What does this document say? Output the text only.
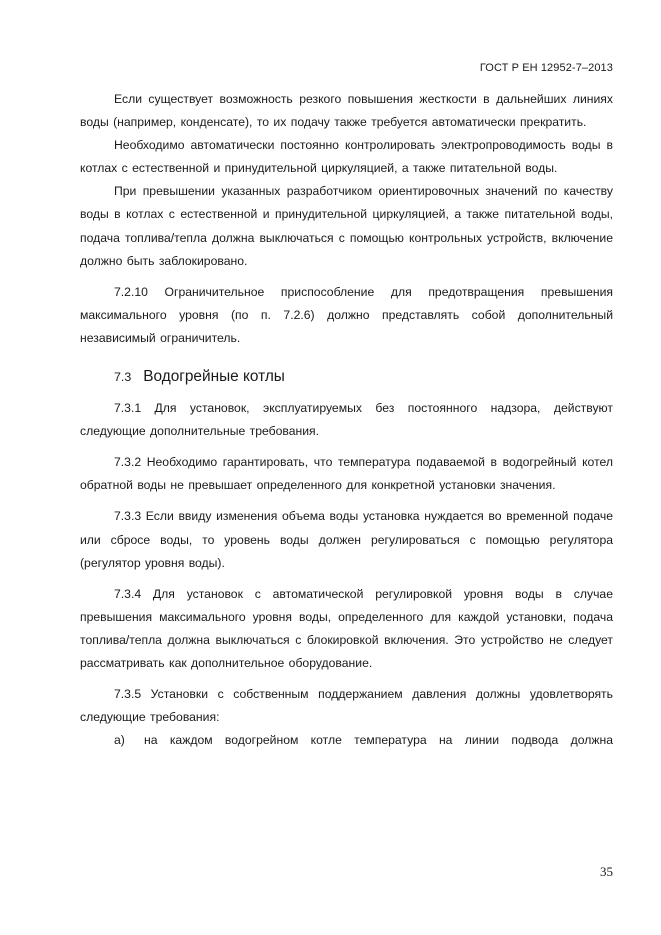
ГОСТ Р ЕН 12952-7–2013

Если существует возможность резкого повышения жесткости в дальнейших линиях воды (например, конденсате), то их подачу также требуется автоматически прекратить.

Необходимо автоматически постоянно контролировать электропроводимость воды в котлах с естественной и принудительной циркуляцией, а также питательной воды.

При превышении указанных разработчиком ориентировочных значений по качеству воды в котлах с естественной и принудительной циркуляцией, а также питательной воды, подача топлива/тепла должна выключаться с помощью контрольных устройств, включение должно быть заблокировано.

7.2.10 Ограничительное приспособление для предотвращения превышения максимального уровня (по п. 7.2.6) должно представлять собой дополнительный независимый ограничитель.

7.3 Водогрейные котлы

7.3.1 Для установок, эксплуатируемых без постоянного надзора, действуют следующие дополнительные требования.

7.3.2 Необходимо гарантировать, что температура подаваемой в водогрейный котел обратной воды не превышает определенного для конкретной установки значения.

7.3.3 Если ввиду изменения объема воды установка нуждается во временной подаче или сбросе воды, то уровень воды должен регулироваться с помощью регулятора (регулятор уровня воды).

7.3.4 Для установок с автоматической регулировкой уровня воды в случае превышения максимального уровня воды, определенного для каждой установки, подача топлива/тепла должна выключаться с блокировкой включения. Это устройство не следует рассматривать как дополнительное оборудование.

7.3.5 Установки с собственным поддержанием давления должны удовлетворять следующие требования:

a)	на каждом водогрейном котле температура на линии подвода должна
35
